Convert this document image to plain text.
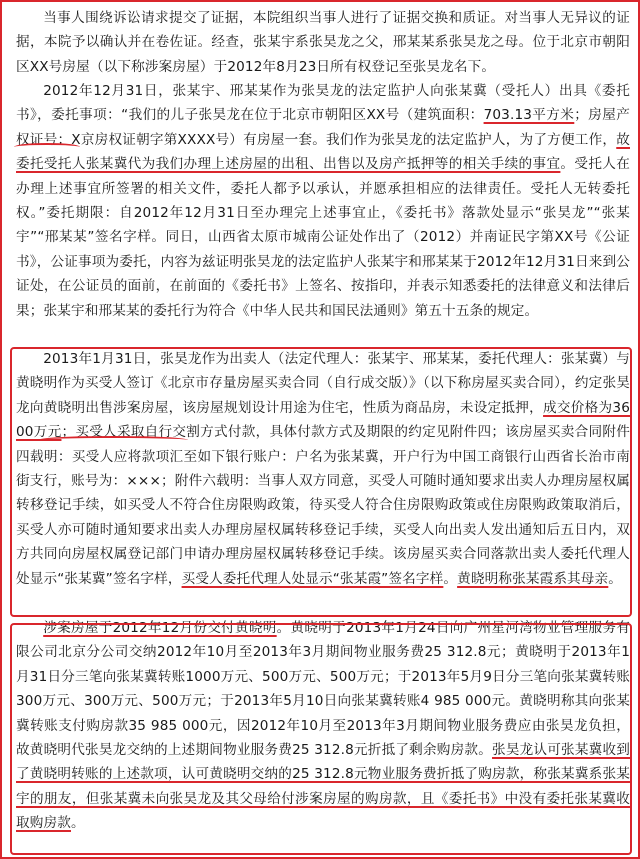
当事人围绕诉讼请求提交了证据，本院组织当事人进行了证据交换和质证。对当事人无异议的证据，本院予以确认并在卷佐证。经查，张某宇系张昊龙之父，邢某某系张昊龙之母。位于北京市朝阳区XX号房屋（以下称涉案房屋）于2012年8月23日所有权登记至张昊龙名下。

2012年12月31日，张某宇、邢某某作为张昊龙的法定监护人向张某冀（受托人）出具《委托书》，委托事项：“我们的儿子张昊龙在位于北京市朝阳区XX号（建筑面积：703.13平方米；房屋产权证号：X京房权证朝字第XXXX号）有房屋一套。我们作为张昊龙的法定监护人，为了方便工作，故委托受托人张某冀代为我们办理上述房屋的出租、出售以及房产抵押等的相关手续的事宜。受托人在办理上述事宜所签署的相关文件，委托人都予以承认，并愿承担相应的法律责任。受托人无转委托权。”委托期限：自2012年12月31日至办理完上述事宜止，《委托书》落款处显示“张昊龙”“张某宇”“邢某某”签名字样。同日，山西省太原市城南公证处作出了（2012）并南证民字第XX号《公证书》，公证事项为委托，内容为兹证明张昊龙的法定监护人张某宇和邢某某于2012年12月31日来到公证处，在公证员的面前，在前面的《委托书》上签名、按指印，并表示知悉委托的法律意义和法律后果；张某宇和邢某某的委托行为符合《中华人民共和国民法通则》第五十五条的规定。

2013年1月31日，张昊龙作为出卖人（法定代理人：张某宇、邢某某，委托代理人：张某冀）与黄晓明作为买受人签订《北京市存量房屋买卖合同（自行成交版）》（以下称房屋买卖合同），约定张昊龙向黄晓明出售涉案房屋，该房屋规划设计用途为住宅，性质为商品房，未设定抵押，成交价格为3600万元；买受人采取自行交割方式付款，具体付款方式及期限的约定见附件四；该房屋买卖合同附件四载明：买受人应将款项汇至如下银行账户：户名为张某冀，开户行为中国工商银行山西省长治市南街支行，账号为：×××；附件六载明：当事人双方同意，买受人可随时通知要求出卖人办理房屋权属转移登记手续，如买受人不符合住房限购政策，待买受人符合住房限购政策或住房限购政策取消后，买受人亦可随时通知要求出卖人办理房屋权属转移登记手续，买受人向出卖人发出通知后五日内，双方共同向房屋权属登记部门申请办理房屋权属转移登记手续。该房屋买卖合同落款出卖人委托代理人处显示“张某冀”签名字样，买受人委托代理人处显示“张某霞”签名字样。黄晓明称张某霞系其母亲。

涉案房屋于2012年12月份交付黄晓明。黄晓明于2013年1月24日向广州星河湾物业管理服务有限公司北京分公司交纳2012年10月至2013年3月期间物业服务费25 312.8元；黄晓明于2013年1月31日分三笔向张某冀转账1000万元、500万元、500万元；于2013年5月9日分三笔向张某冀转账300万元、300万元、500万元；于2013年5月10日向张某冀转账4 985 000元。黄晓明称其向张某冀转账支付购房款35 985 000元，因2012年10月至2013年3月期间物业服务费应由张昊龙负担，故黄晓明代张昊龙交纳的上述期间物业服务费25 312.8元折抵了剩余购房款。张昊龙认可张某冀收到了黄晓明转账的上述款项，认可黄晓明交纳的25 312.8元物业服务费折抵了购房款，称张某冀系张某宇的朋友，但张某冀未向张昊龙及其父母给付涉案房屋的购房款，且《委托书》中没有委托张某冀收取购房款。
